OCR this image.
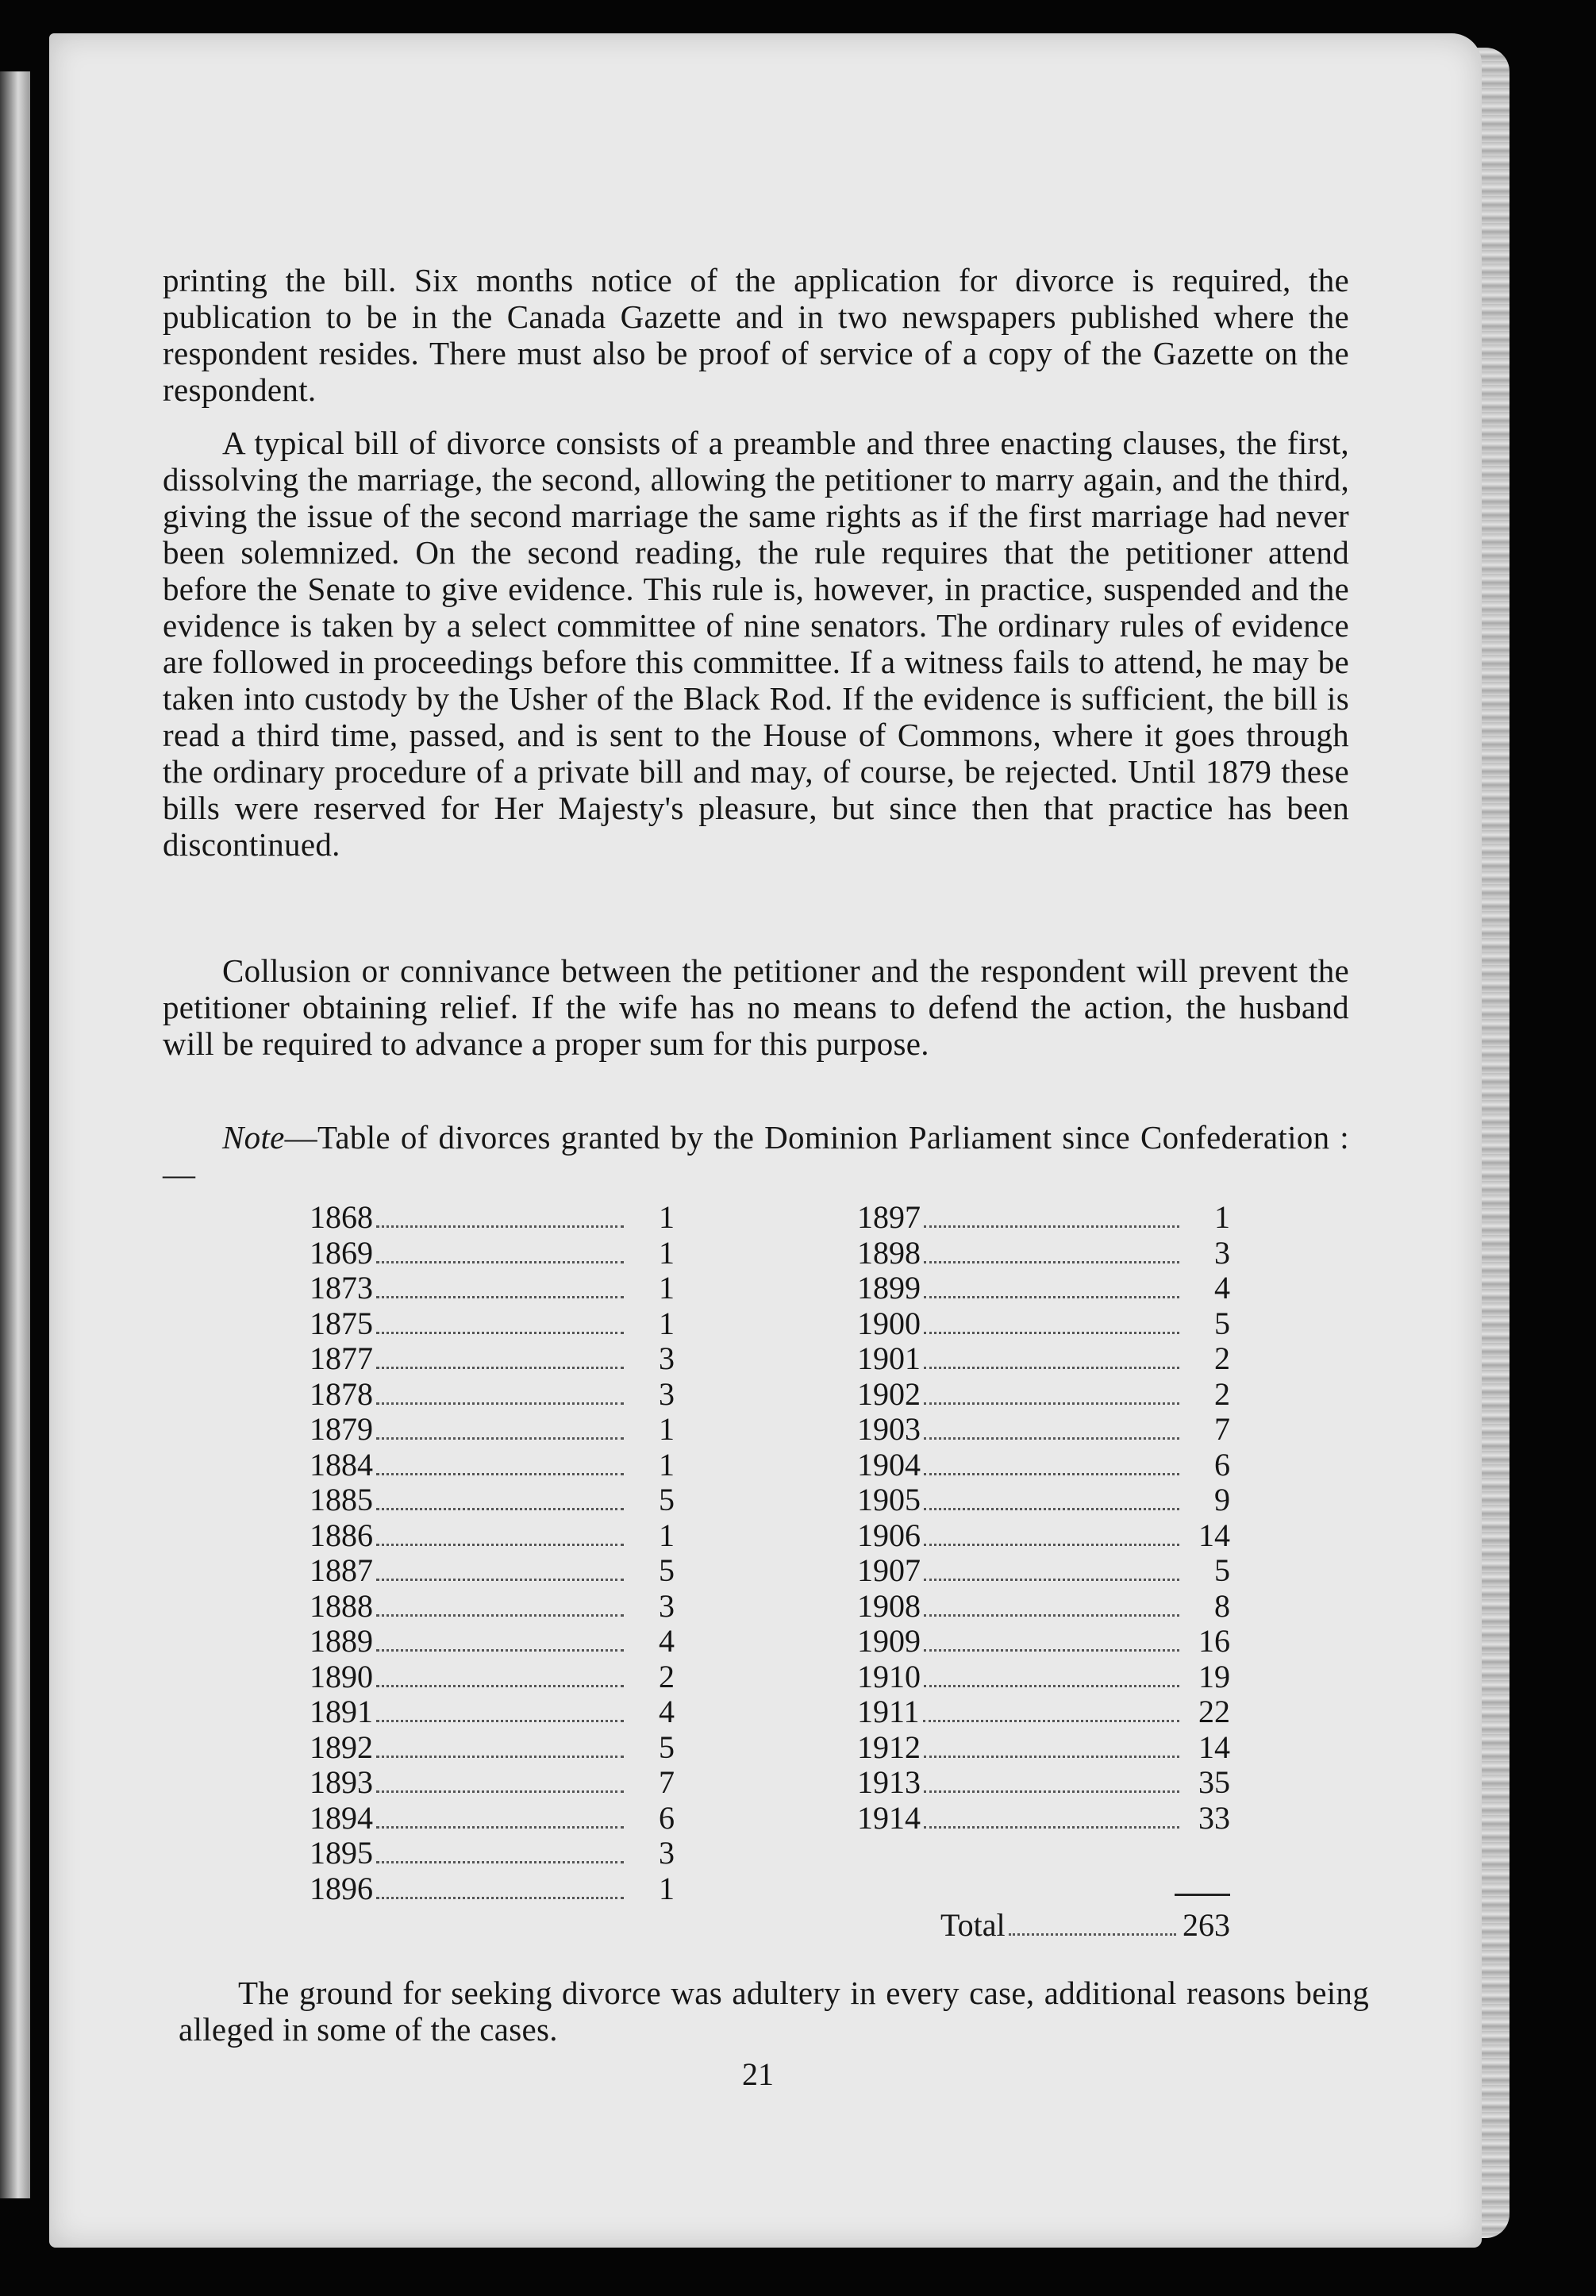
printing the bill. Six months notice of the application for divorce is required, the publication to be in the Canada Gazette and in two newspapers published where the respondent resides. There must also be proof of service of a copy of the Gazette on the respondent.

A typical bill of divorce consists of a preamble and three enacting clauses, the first, dissolving the marriage, the second, allowing the petitioner to marry again, and the third, giving the issue of the second marriage the same rights as if the first marriage had never been solemnized. On the second reading, the rule requires that the petitioner attend before the Senate to give evidence. This rule is, however, in practice, suspended and the evidence is taken by a select committee of nine senators. The ordinary rules of evidence are followed in proceedings before this committee. If a witness fails to attend, he may be taken into custody by the Usher of the Black Rod. If the evidence is sufficient, the bill is read a third time, passed, and is sent to the House of Commons, where it goes through the ordinary procedure of a private bill and may, of course, be rejected. Until 1879 these bills were reserved for Her Majesty's pleasure, but since then that practice has been discontinued.

Collusion or connivance between the petitioner and the respondent will prevent the petitioner obtaining relief. If the wife has no means to defend the action, the husband will be required to advance a proper sum for this purpose.

Note—Table of divorces granted by the Dominion Parliament since Confederation :—

1868	1
1869	1
1873	1
1875	1
1877	3
1878	3
1879	1
1884	1
1885	5
1886	1
1887	5
1888	3
1889	4
1890	2
1891	4
1892	5
1893	7
1894	6
1895	3
1896	1
1897	1
1898	3
1899	4
1900	5
1901	2
1902	2
1903	7
1904	6
1905	9
1906	14
1907	5
1908	8
1909	16
1910	19
1911	22
1912	14
1913	35
1914	33
Total	263

The ground for seeking divorce was adultery in every case, additional reasons being alleged in some of the cases.

21
